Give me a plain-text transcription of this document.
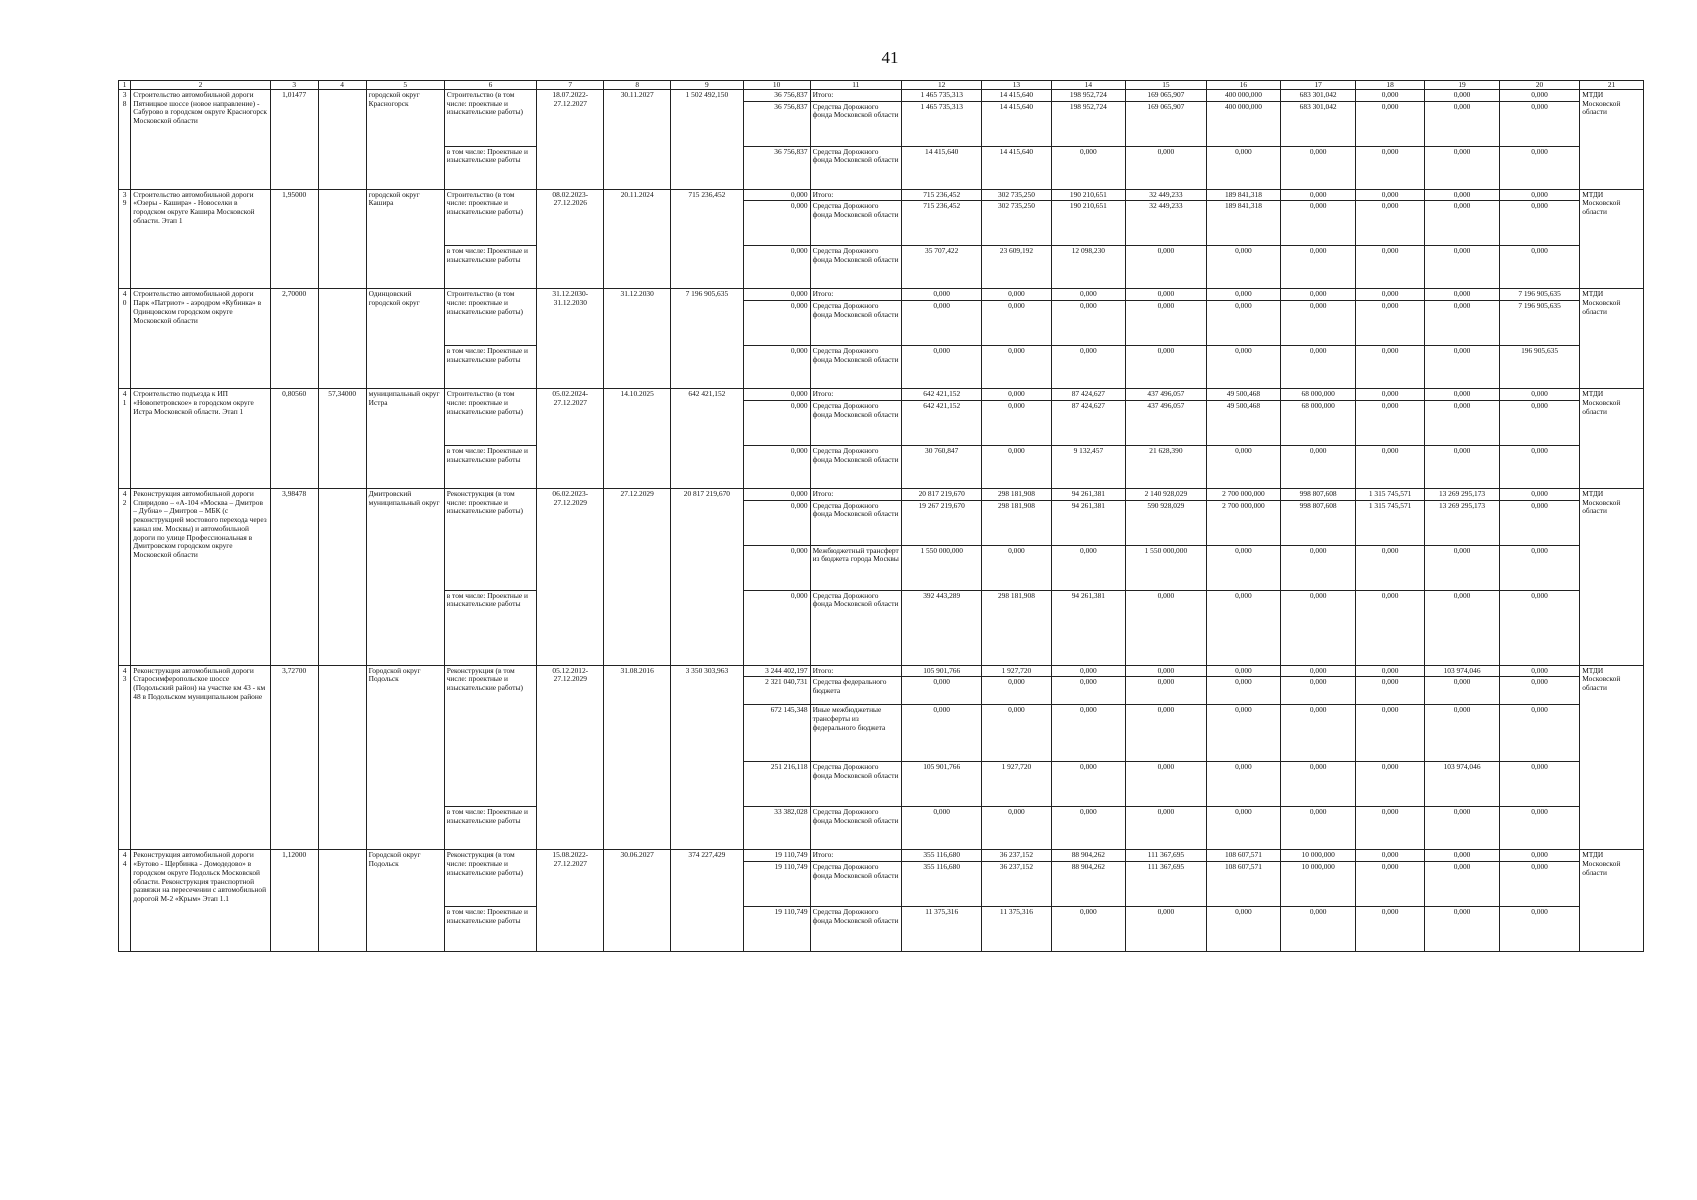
41
1	2	3	4	5	6	7	8	9	10	11	12	13	14	15	16	17	18	19	20	21
38	Строительство автомобильной дороги Пятницкое шоссе (новое направление) - Сабурово в городском округе Красногорск Московской области	1,01477		городской округ Красногорск	Строительство (в том числе: проектные и изыскательские работы)	18.07.2022-27.12.2027	30.11.2027	1 502 492,150	36 756,837	Итого:	1 465 735,313	14 415,640	198 952,724	169 065,907	400 000,000	683 301,042	0,000	0,000	0,000	МТДИ Московской области
									36 756,837	Средства Дорожного фонда Московской области	1 465 735,313	14 415,640	198 952,724	169 065,907	400 000,000	683 301,042	0,000	0,000	0,000	
					в том числе: Проектные и изыскательские работы				36 756,837	Средства Дорожного фонда Московской области	14 415,640	14 415,640	0,000	0,000	0,000	0,000	0,000	0,000	0,000	
39	Строительство автомобильной дороги «Озеры - Кашира» - Новоселки в городском округе Кашира Московской области. Этап 1	1,95000		городской округ Кашира	Строительство (в том числе: проектные и изыскательские работы)	08.02.2023-27.12.2026	20.11.2024	715 236,452	0,000	Итого:	715 236,452	302 735,250	190 210,651	32 449,233	189 841,318	0,000	0,000	0,000	0,000	МТДИ Московской области
									0,000	Средства Дорожного фонда Московской области	715 236,452	302 735,250	190 210,651	32 449,233	189 841,318	0,000	0,000	0,000	0,000	
					в том числе: Проектные и изыскательские работы				0,000	Средства Дорожного фонда Московской области	35 707,422	23 609,192	12 098,230	0,000	0,000	0,000	0,000	0,000	0,000	
40	Строительство автомобильной дороги Парк «Патриот» - аэродром «Кубинка» в Одинцовском городском округе Московской области	2,70000		Одинцовский городской округ	Строительство (в том числе: проектные и изыскательские работы)	31.12.2030-31.12.2030	31.12.2030	7 196 905,635	0,000	Итого:	0,000	0,000	0,000	0,000	0,000	0,000	0,000	0,000	7 196 905,635	МТДИ Московской области
									0,000	Средства Дорожного фонда Московской области	0,000	0,000	0,000	0,000	0,000	0,000	0,000	0,000	7 196 905,635	
					в том числе: Проектные и изыскательские работы				0,000	Средства Дорожного фонда Московской области	0,000	0,000	0,000	0,000	0,000	0,000	0,000	0,000	196 905,635	
41	Строительство подъезда к ИП «Новопетровское» в городском округе Истра Московской области. Этап 1	0,80560	57,34000	муниципальный округ Истра	Строительство (в том числе: проектные и изыскательские работы)	05.02.2024-27.12.2027	14.10.2025	642 421,152	0,000	Итого:	642 421,152	0,000	87 424,627	437 496,057	49 500,468	68 000,000	0,000	0,000	0,000	МТДИ Московской области
									0,000	Средства Дорожного фонда Московской области	642 421,152	0,000	87 424,627	437 496,057	49 500,468	68 000,000	0,000	0,000	0,000	
					в том числе: Проектные и изыскательские работы				0,000	Средства Дорожного фонда Московской области	30 760,847	0,000	9 132,457	21 628,390	0,000	0,000	0,000	0,000	0,000	
42	Реконструкция автомобильной дороги Спиридово – «А-104 «Москва – Дмитров – Дубна» – Дмитров – МБК (с реконструкцией мостового перехода через канал им. Москвы) и автомобильной дороги по улице Профессиональная в Дмитровском городском округе Московской области	3,98478		Дмитровский муниципальный округ	Реконструкция (в том числе: проектные и изыскательские работы)	06.02.2023-27.12.2029	27.12.2029	20 817 219,670	0,000	Итого:	20 817 219,670	298 181,908	94 261,381	2 140 928,029	2 700 000,000	998 807,608	1 315 745,571	13 269 295,173	0,000	МТДИ Московской области
									0,000	Средства Дорожного фонда Московской области	19 267 219,670	298 181,908	94 261,381	590 928,029	2 700 000,000	998 807,608	1 315 745,571	13 269 295,173	0,000	
									0,000	Межбюджетный трансферт из бюджета города Москвы	1 550 000,000	0,000	0,000	1 550 000,000	0,000	0,000	0,000	0,000	0,000	
					в том числе: Проектные и изыскательские работы				0,000	Средства Дорожного фонда Московской области	392 443,289	298 181,908	94 261,381	0,000	0,000	0,000	0,000	0,000	0,000	
43	Реконструкция автомобильной дороги Старосимферопольское шоссе (Подольский район) на участке км 43 - км 48 в Подольском муниципальном районе	3,72700		Городской округ Подольск	Реконструкция (в том числе: проектные и изыскательские работы)	05.12.2012-27.12.2029	31.08.2016	3 350 303,963	3 244 402,197	Итого:	105 901,766	1 927,720	0,000	0,000	0,000	0,000	0,000	103 974,046	0,000	МТДИ Московской области
									2 321 040,731	Средства федерального бюджета	0,000	0,000	0,000	0,000	0,000	0,000	0,000	0,000	0,000	
									672 145,348	Иные межбюджетные трансферты из федерального бюджета	0,000	0,000	0,000	0,000	0,000	0,000	0,000	0,000	0,000	
									251 216,118	Средства Дорожного фонда Московской области	105 901,766	1 927,720	0,000	0,000	0,000	0,000	0,000	103 974,046	0,000	
					в том числе: Проектные и изыскательские работы				33 382,028	Средства Дорожного фонда Московской области	0,000	0,000	0,000	0,000	0,000	0,000	0,000	0,000	0,000	
44	Реконструкция автомобильной дороги «Бутово - Щербинка - Домодедово» в городском округе Подольск Московской области. Реконструкция транспортной развязки на пересечении с автомобильной дорогой М-2 «Крым» Этап 1.1	1,12000		Городской округ Подольск	Реконструкция (в том числе: проектные и изыскательские работы)	15.08.2022-27.12.2027	30.06.2027	374 227,429	19 110,749	Итого:	355 116,680	36 237,152	88 904,262	111 367,695	108 607,571	10 000,000	0,000	0,000	0,000	МТДИ Московской области
									19 110,749	Средства Дорожного фонда Московской области	355 116,680	36 237,152	88 904,262	111 367,695	108 607,571	10 000,000	0,000	0,000	0,000	
					в том числе: Проектные и изыскательские работы				19 110,749	Средства Дорожного фонда Московской области	11 375,316	11 375,316	0,000	0,000	0,000	0,000	0,000	0,000	0,000	
